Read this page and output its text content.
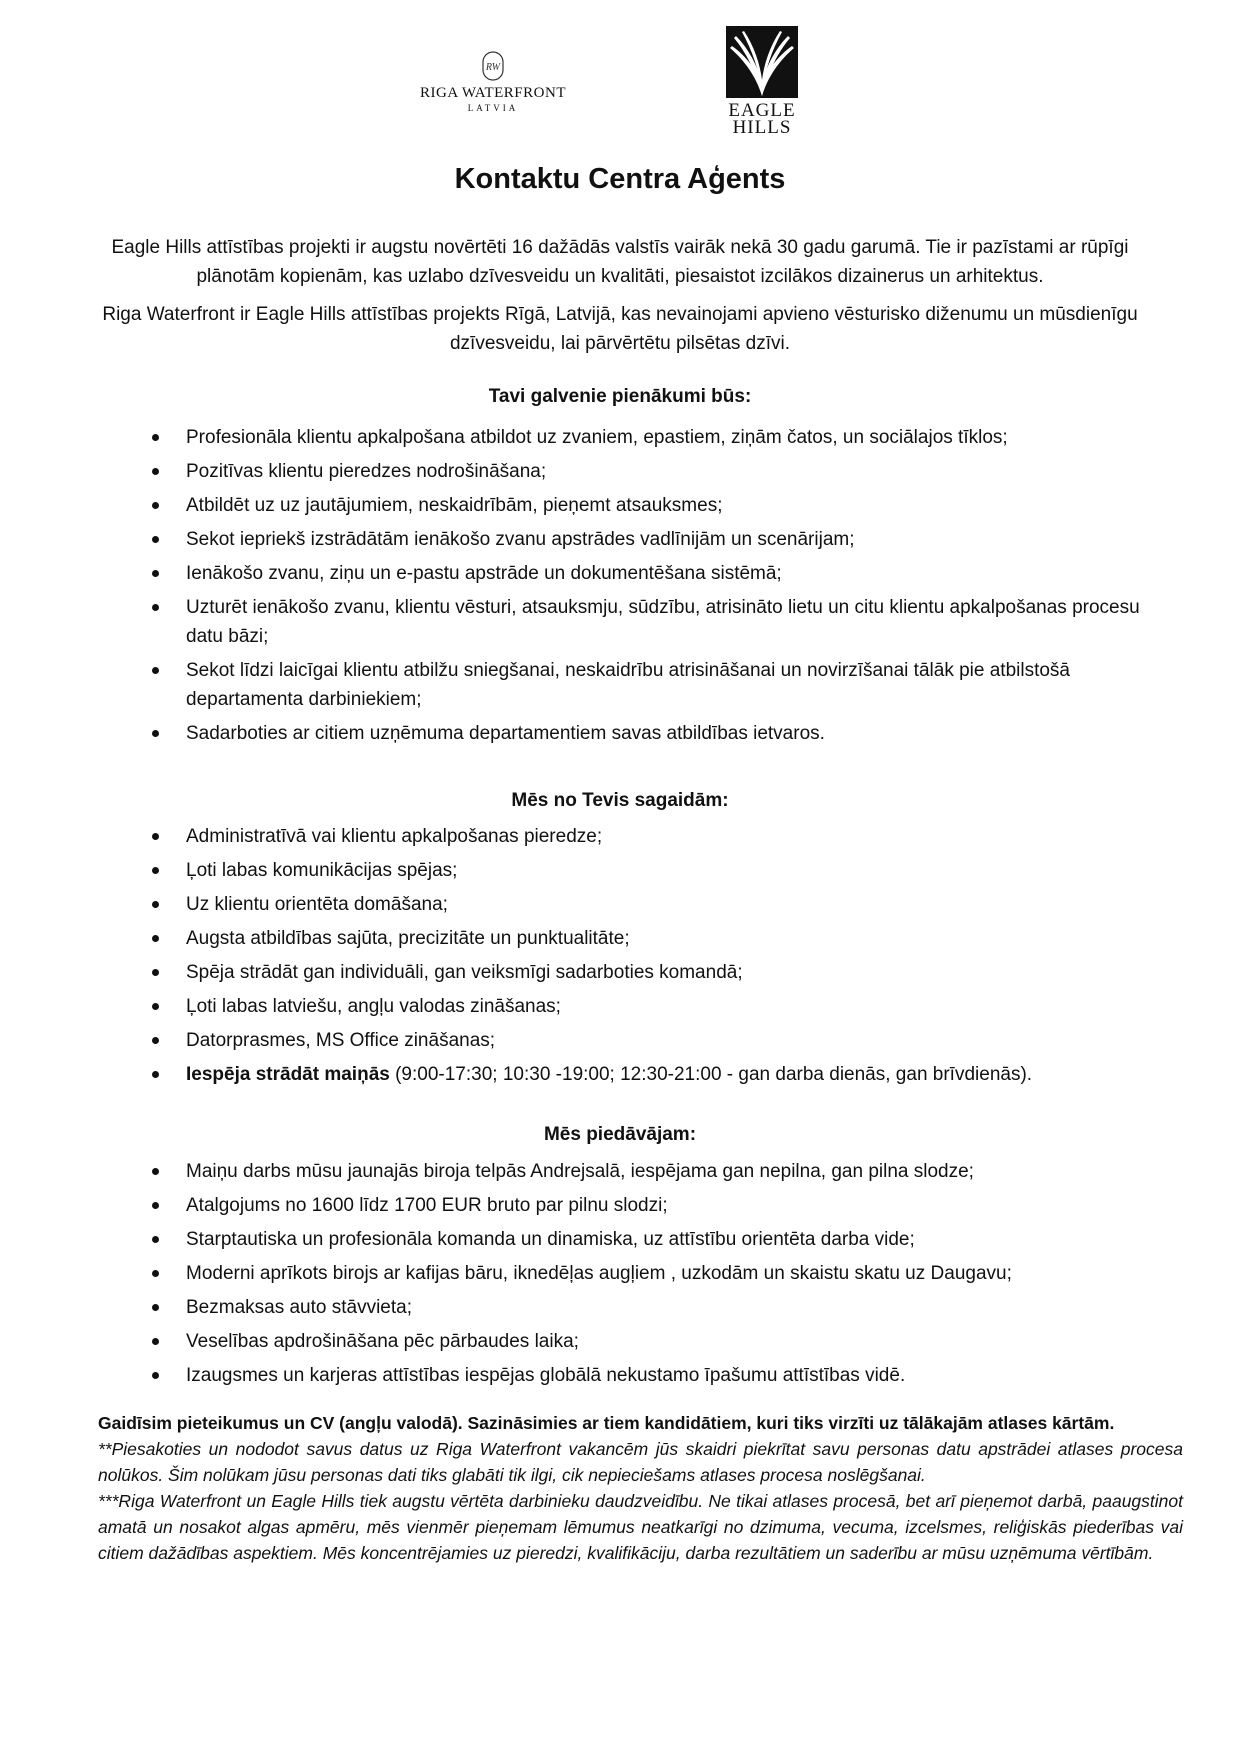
RW
RIGA WATERFRONT
LATVIA	EAGLE
HILLS
Kontaktu Centra Aģents

Eagle Hills attīstības projekti ir augstu novērtēti 16 dažādās valstīs vairāk nekā 30 gadu garumā. Tie ir pazīstami ar rūpīgi plānotām kopienām, kas uzlabo dzīvesveidu un kvalitāti, piesaistot izcilākos dizainerus un arhitektus.

Riga Waterfront ir Eagle Hills attīstības projekts Rīgā, Latvijā, kas nevainojami apvieno vēsturisko diženumu un mūsdienīgu dzīvesveidu, lai pārvērtētu pilsētas dzīvi.

Tavi galvenie pienākumi būs:
Profesionāla klientu apkalpošana atbildot uz zvaniem, epastiem, ziņām čatos, un sociālajos tīklos;
Pozitīvas klientu pieredzes nodrošināšana;
Atbildēt uz uz jautājumiem, neskaidrībām, pieņemt atsauksmes;
Sekot iepriekš izstrādātām ienākošo zvanu apstrādes vadlīnijām un scenārijam;
Ienākošo zvanu, ziņu un e-pastu apstrāde un dokumentēšana sistēmā;
Uzturēt ienākošo zvanu, klientu vēsturi, atsauksmju, sūdzību, atrisināto lietu un citu klientu apkalpošanas procesu datu bāzi;
Sekot līdzi laicīgai klientu atbilžu sniegšanai, neskaidrību atrisināšanai un novirzīšanai tālāk pie atbilstošā departamenta darbiniekiem;
Sadarboties ar citiem uzņēmuma departamentiem savas atbildības ietvaros.
Mēs no Tevis sagaidām:
Administratīvā vai klientu apkalpošanas pieredze;
Ļoti labas komunikācijas spējas;
Uz klientu orientēta domāšana;
Augsta atbildības sajūta, precizitāte un punktualitāte;
Spēja strādāt gan individuāli, gan veiksmīgi sadarboties komandā;
Ļoti labas latviešu, angļu valodas zināšanas;
Datorprasmes, MS Office zināšanas;
Iespēja strādāt maiņās (9:00-17:30; 10:30 -19:00; 12:30-21:00 - gan darba dienās, gan brīvdienās).
Mēs piedāvājam:
Maiņu darbs mūsu jaunajās biroja telpās Andrejsalā, iespējama gan nepilna, gan pilna slodze;
Atalgojums no 1600 līdz 1700 EUR bruto par pilnu slodzi;
Starptautiska un profesionāla komanda un dinamiska, uz attīstību orientēta darba vide;
Moderni aprīkots birojs ar kafijas bāru, iknedēļas augļiem , uzkodām un skaistu skatu uz Daugavu;
Bezmaksas auto stāvvieta;
Veselības apdrošināšana pēc pārbaudes laika;
Izaugsmes un karjeras attīstības iespējas globālā nekustamo īpašumu attīstības vidē.

Gaidīsim pieteikumus un CV (angļu valodā). Sazināsimies ar tiem kandidātiem, kuri tiks virzīti uz tālākajām atlases kārtām.

**Piesakoties un nododot savus datus uz Riga Waterfront vakancēm jūs skaidri piekrītat savu personas datu apstrādei atlases procesa nolūkos. Šim nolūkam jūsu personas dati tiks glabāti tik ilgi, cik nepieciešams atlases procesa noslēgšanai.

***Riga Waterfront un Eagle Hills tiek augstu vērtēta darbinieku daudzveidību. Ne tikai atlases procesā, bet arī pieņemot darbā, paaugstinot amatā un nosakot algas apmēru, mēs vienmēr pieņemam lēmumus neatkarīgi no dzimuma, vecuma, izcelsmes, reliģiskās piederības vai citiem dažādības aspektiem. Mēs koncentrējamies uz pieredzi, kvalifikāciju, darba rezultātiem un saderību ar mūsu uzņēmuma vērtībām.
